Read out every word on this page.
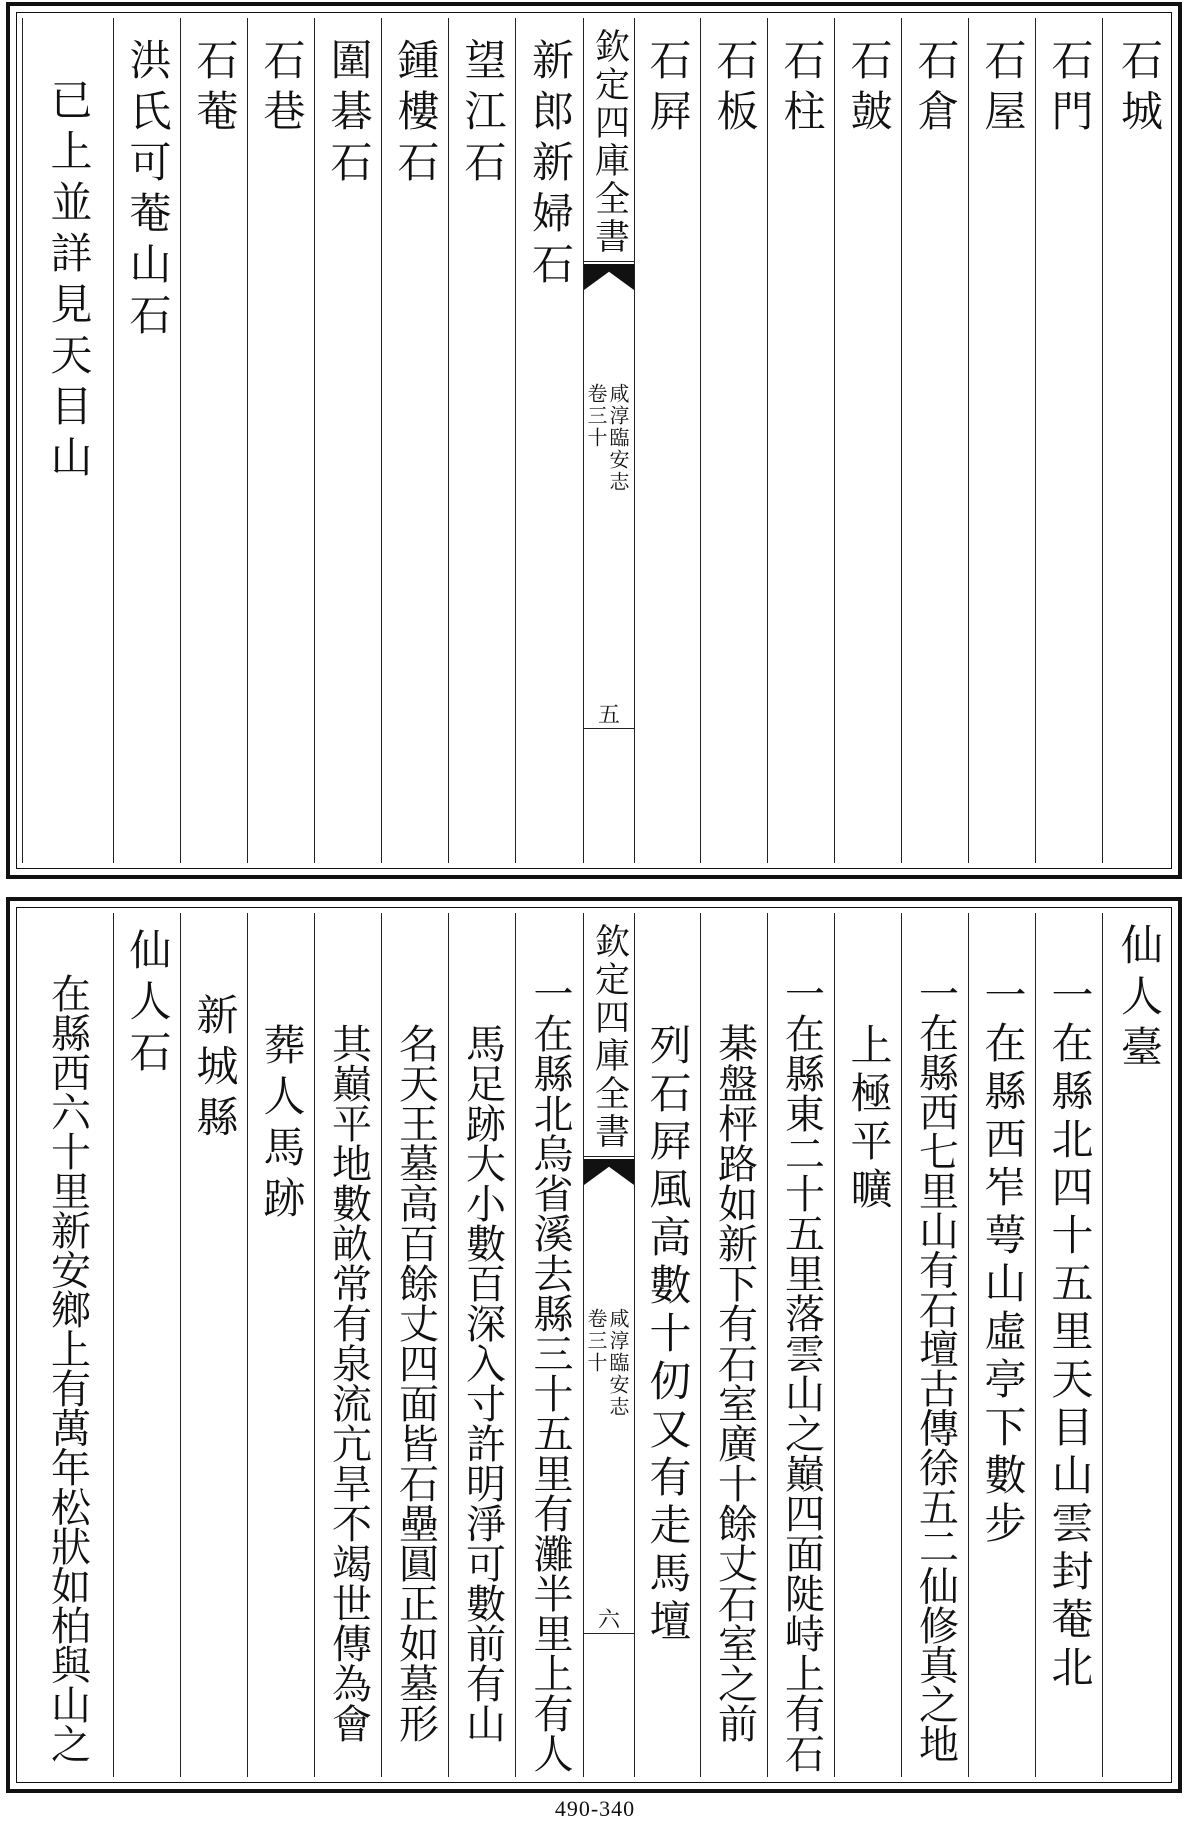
石城
石門
石屋
石倉
石皷
石柱
石板
石屛
欽定四庫全書
卷三十
咸淳臨安志
五
新郎新婦石
望江石
鍾樓石
圍碁石
石巷
石菴
洪氏可菴山石
已上並詳見天目山
仙人臺
一在縣北四十五里天目山雲封菴北
一在縣西岝萼山虛亭下數步
一在縣西七里山有石壇古傳徐五二仙修真之地
上極平曠
一在縣東二十五里落雲山之巔四面𨺗峙上有石
棊盤枰路如新下有石室廣十餘丈石室之前
列石屛風高數十仞又有走馬壇
欽定四庫全書
卷三十
咸淳臨安志
六
一在縣北烏省溪去縣三十五里有灘半里上有人
馬足跡大小數百深入寸許明淨可數前有山
名天王墓高百餘丈四面皆石壘圓正如墓形
其巔平地數畝常有泉流亢旱不竭世傳為會
葬人馬跡
新城縣
仙人石
在縣西六十里新安鄉上有萬年松狀如柏與山之
490-340
